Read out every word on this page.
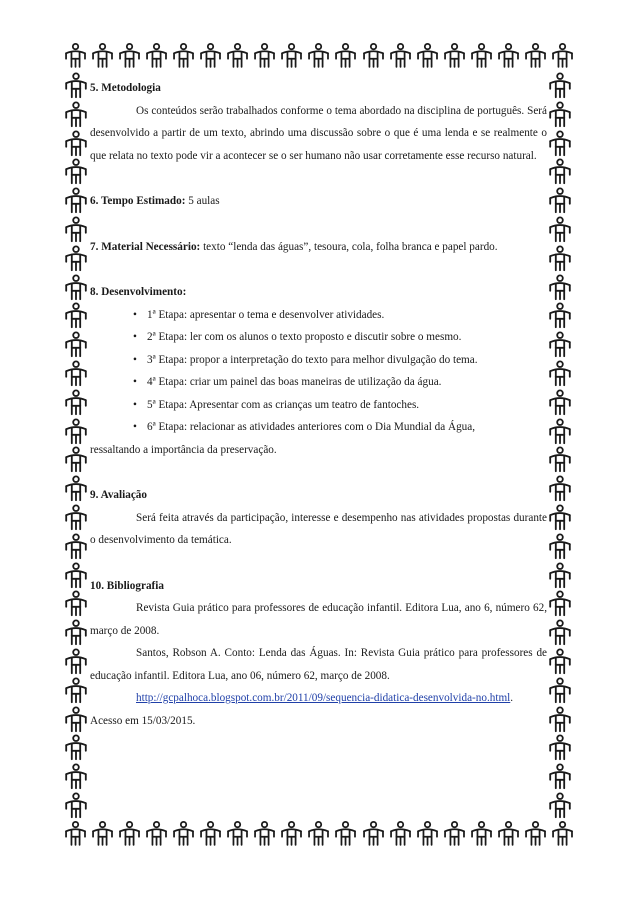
5. Metodologia

Os conteúdos serão trabalhados conforme o tema abordado na disciplina de português. Será desenvolvido a partir de um texto, abrindo uma discussão sobre o que é uma lenda e se realmente o que relata no texto pode vir a acontecer se o ser humano não usar corretamente esse recurso natural.

6. Tempo Estimado: 5 aulas

7. Material Necessário: texto “lenda das águas”, tesoura, cola, folha branca e papel pardo.

8. Desenvolvimento:

• 1ª Etapa: apresentar o tema e desenvolver atividades.
• 2ª Etapa: ler com os alunos o texto proposto e discutir sobre o mesmo.
• 3ª Etapa: propor a interpretação do texto para melhor divulgação do tema.
• 4ª Etapa: criar um painel das boas maneiras de utilização da água.
• 5ª Etapa: Apresentar com as crianças um teatro de fantoches.
• 6ª Etapa: relacionar as atividades anteriores com o Dia Mundial da Água,

ressaltando a importância da preservação.

9. Avaliação

Será feita através da participação, interesse e desempenho nas atividades propostas durante o desenvolvimento da temática.

10. Bibliografia

Revista Guia prático para professores de educação infantil. Editora Lua, ano 6, número 62, março de 2008.

Santos, Robson A. Conto: Lenda das Águas. In: Revista Guia prático para professores de educação infantil. Editora Lua, ano 06, número 62, março de 2008.

http://gcpalhoca.blogspot.com.br/2011/09/sequencia-didatica-desenvolvida-no.html. Acesso em 15/03/2015.
